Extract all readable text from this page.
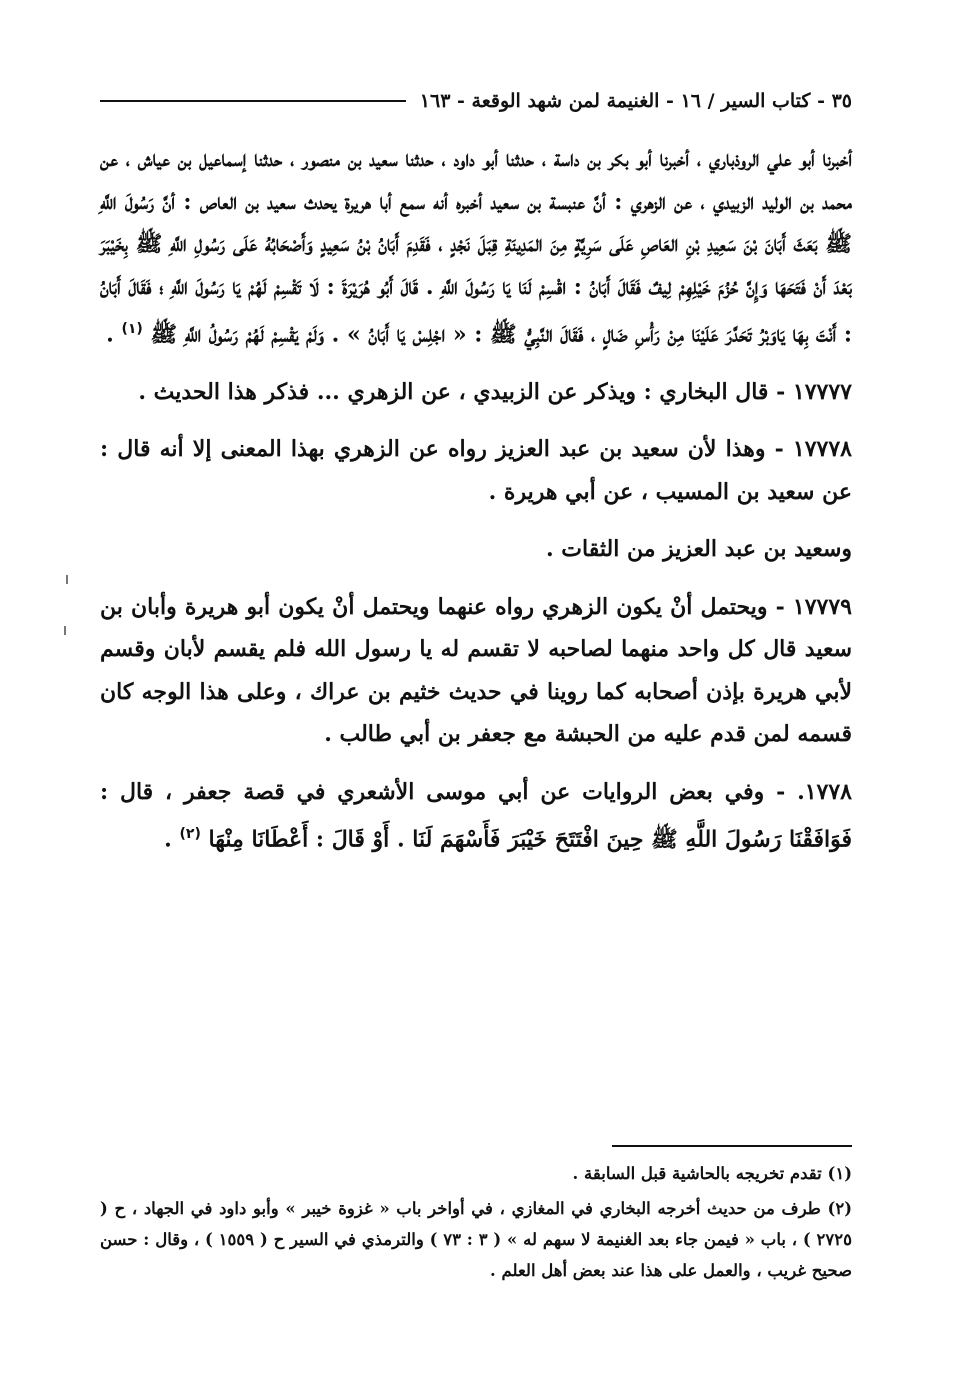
٣٥ - كتاب السير / ١٦ - الغنيمة لمن شهد الوقعة - ١٦٣

أخبرنا أبو علي الروذباري ، أخبرنا أبو بكر بن داسة ، حدثنا أبو داود ، حدثنا سعيد بن منصور ، حدثنا إسماعيل بن عياش ، عن محمد بن الوليد الزبيدي ، عن الزهري : أنَّ عنبسة بن سعيد أخبره أنه سمع أبا هريرة يحدث سعيد بن العاص : أنَّ رَسُولَ اللَّهِ ﷺ بَعَثَ أَبَانَ بْنَ سَعِيدِ بْنِ العَاصِ عَلَى سَرِيَّةٍ مِنَ المَدِينَةِ قِبَلَ نَجْدٍ ، فَقَدِمَ أَبَانُ بْنُ سَعِيدٍ وَأَصْحَابُهُ عَلَى رَسُولِ اللَّهِ ﷺ بِخَيْبَرَ بَعْدَ أَنْ فَتَحَهَا وَإِنَّ حُزُمَ خَيْلِهِمْ لِيفٌ فَقَالَ أَبَانُ : اقْسِمْ لَنَا يَا رَسُولَ اللَّهِ . قَالَ أَبُو هُرَيْرَةَ : لَا تَقْسِمْ لَهُمْ يَا رَسُولَ اللَّهِ ؛ فَقَالَ أَبَانُ : أَنْتَ بِهَا يَاوَبْرُ تَحَدَّرَ عَلَيْنَا مِنْ رَأْسِ ضَالٍ ، فَقَالَ النَّبِيُّ ﷺ : « اجْلِسْ يَا أَبَانُ » . وَلَمْ يَقْسِمْ لَهُمْ رَسُولُ اللَّهِ ﷺ $^{(١)}$ .

١٧٧٧٧ - قال البخاري : ويذكر عن الزبيدي ، عن الزهري ... فذكر هذا الحديث .

١٧٧٧٨ - وهذا لأن سعيد بن عبد العزيز رواه عن الزهري بهذا المعنى إلا أنه قال : عن سعيد بن المسيب ، عن أبي هريرة .

وسعيد بن عبد العزيز من الثقات .

١٧٧٧٩ - ويحتمل أنْ يكون الزهري رواه عنهما ويحتمل أنْ يكون أبو هريرة وأبان بن سعيد قال كل واحد منهما لصاحبه لا تقسم له يا رسول الله فلم يقسم لأبان وقسم لأبي هريرة بإذن أصحابه كما روينا في حديث خثيم بن عراك ، وعلى هذا الوجه كان قسمه لمن قدم عليه من الحبشة مع جعفر بن أبي طالب .

١٧٧٨. - وفي بعض الروايات عن أبي موسى الأشعري في قصة جعفر ، قال : فَوَافَقْنَا رَسُولَ اللَّهِ ﷺ حِينَ افْتَتَحَ خَيْبَرَ فَأَسْهَمَ لَنَا . أَوْ قَالَ : أَعْطَانَا مِنْهَا $^{(٢)}$ .

(١) تقدم تخريجه بالحاشية قبل السابقة .

(٢) طرف من حديث أخرجه البخاري في المغازي ، في أواخر باب « غزوة خيبر » وأبو داود في الجهاد ، ح ( ٢٧٢٥ ) ، باب « فيمن جاء بعد الغنيمة لا سهم له » ( ٣ : ٧٣ ) والترمذي في السير ح ( ١٥٥٩ ) ، وقال : حسن صحيح غريب ، والعمل على هذا عند بعض أهل العلم .
